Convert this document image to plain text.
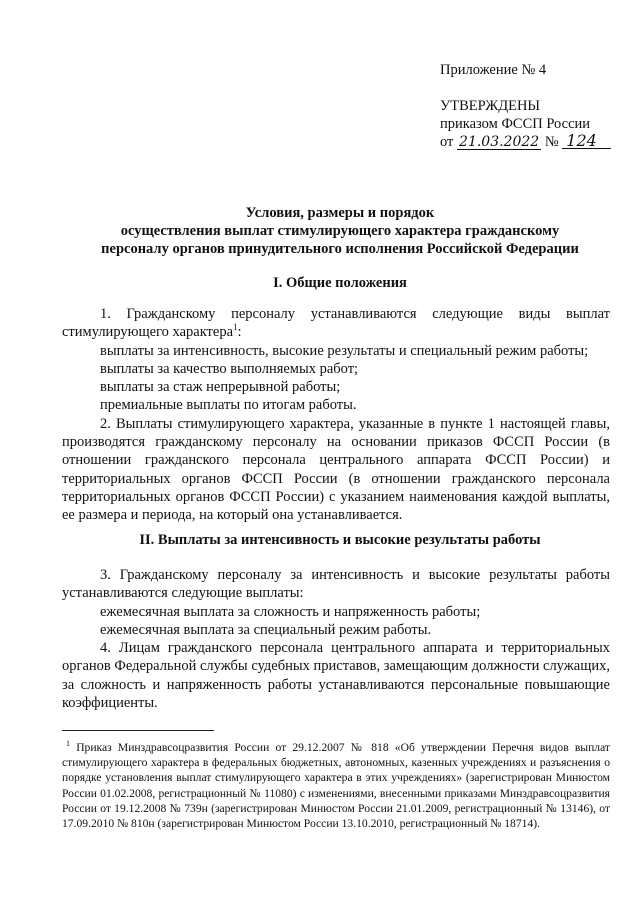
Приложение № 4
УТВЕРЖДЕНЫ
приказом ФССП России
от 21.03.2022 № 124
Условия, размеры и порядок
осуществления выплат стимулирующего характера гражданскому
персоналу органов принудительного исполнения Российской Федерации
I. Общие положения

1. Гражданскому персоналу устанавливаются следующие виды выплат стимулирующего характера$^1$:

выплаты за интенсивность, высокие результаты и специальный режим работы;

выплаты за качество выполняемых работ;

выплаты за стаж непрерывной работы;

премиальные выплаты по итогам работы.

2. Выплаты стимулирующего характера, указанные в пункте 1 настоящей главы, производятся гражданскому персоналу на основании приказов ФССП России (в отношении гражданского персонала центрального аппарата ФССП России) и территориальных органов ФССП России (в отношении гражданского персонала территориальных органов ФССП России) с указанием наименования каждой выплаты, ее размера и периода, на который она устанавливается.

II. Выплаты за интенсивность и высокие результаты работы

3. Гражданскому персоналу за интенсивность и высокие результаты работы устанавливаются следующие выплаты:

ежемесячная выплата за сложность и напряженность работы;

ежемесячная выплата за специальный режим работы.

4. Лицам гражданского персонала центрального аппарата и территориальных органов Федеральной службы судебных приставов, замещающим должности служащих, за сложность и напряженность работы устанавливаются персональные повышающие коэффициенты.

$^1$ Приказ Минздравсоцразвития России от 29.12.2007 № 818 «Об утверждении Перечня видов выплат стимулирующего характера в федеральных бюджетных, автономных, казенных учреждениях и разъяснения о порядке установления выплат стимулирующего характера в этих учреждениях» (зарегистрирован Минюстом России 01.02.2008, регистрационный № 11080) с изменениями, внесенными приказами Минздравсоцразвития России от 19.12.2008 № 739н (зарегистрирован Минюстом России 21.01.2009, регистрационный № 13146), от 17.09.2010 № 810н (зарегистрирован Минюстом России 13.10.2010, регистрационный № 18714).
